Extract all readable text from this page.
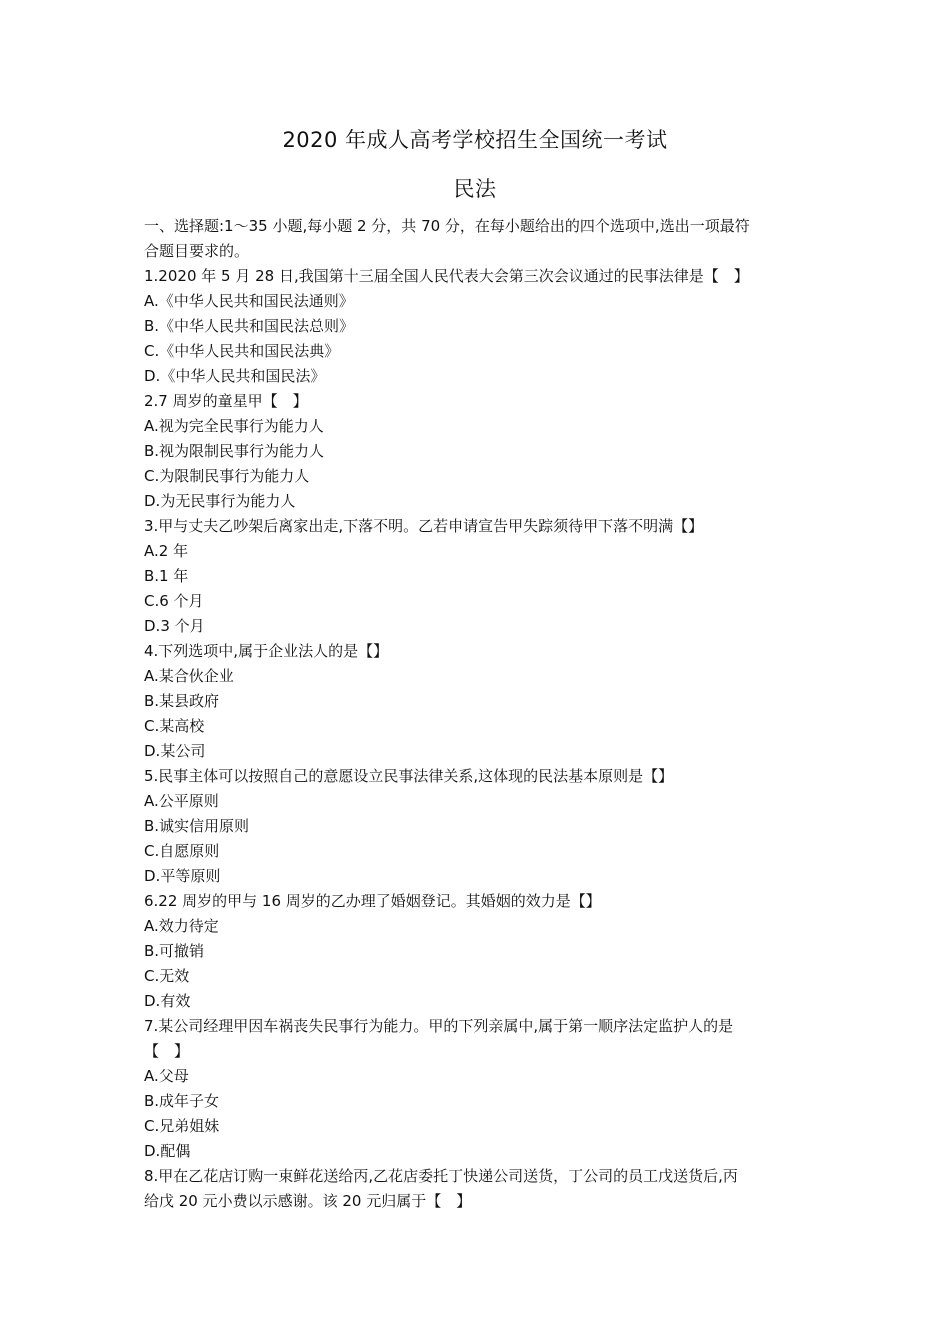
2020 年成人高考学校招生全国统一考试
民法
一、选择题:1～35 小题,每小题 2 分，共 70 分，在每小题给出的四个选项中,选出一项最符
合题目要求的。
1.2020 年 5 月 28 日,我国第十三届全国人民代表大会第三次会议通过的民事法律是【　】
A.《中华人民共和国民法通则》
B.《中华人民共和国民法总则》
C.《中华人民共和国民法典》
D.《中华人民共和国民法》
2.7 周岁的童星甲【　】
A.视为完全民事行为能力人
B.视为限制民事行为能力人
C.为限制民事行为能力人
D.为无民事行为能力人
3.甲与丈夫乙吵架后离家出走,下落不明。乙若申请宣告甲失踪须待甲下落不明满【】
A.2 年
B.1 年
C.6 个月
D.3 个月
4.下列选项中,属于企业法人的是【】
A.某合伙企业
B.某县政府
C.某高校
D.某公司
5.民事主体可以按照自己的意愿设立民事法律关系,这体现的民法基本原则是【】
A.公平原则
B.诚实信用原则
C.自愿原则
D.平等原则
6.22 周岁的甲与 16 周岁的乙办理了婚姻登记。其婚姻的效力是【】
A.效力待定
B.可撤销
C.无效
D.有效
7.某公司经理甲因车祸丧失民事行为能力。甲的下列亲属中,属于第一顺序法定监护人的是
【　】
A.父母
B.成年子女
C.兄弟姐妹
D.配偶
8.甲在乙花店订购一束鲜花送给丙,乙花店委托丁快递公司送货，丁公司的员工戊送货后,丙
给戊 20 元小费以示感谢。该 20 元归属于【　】
